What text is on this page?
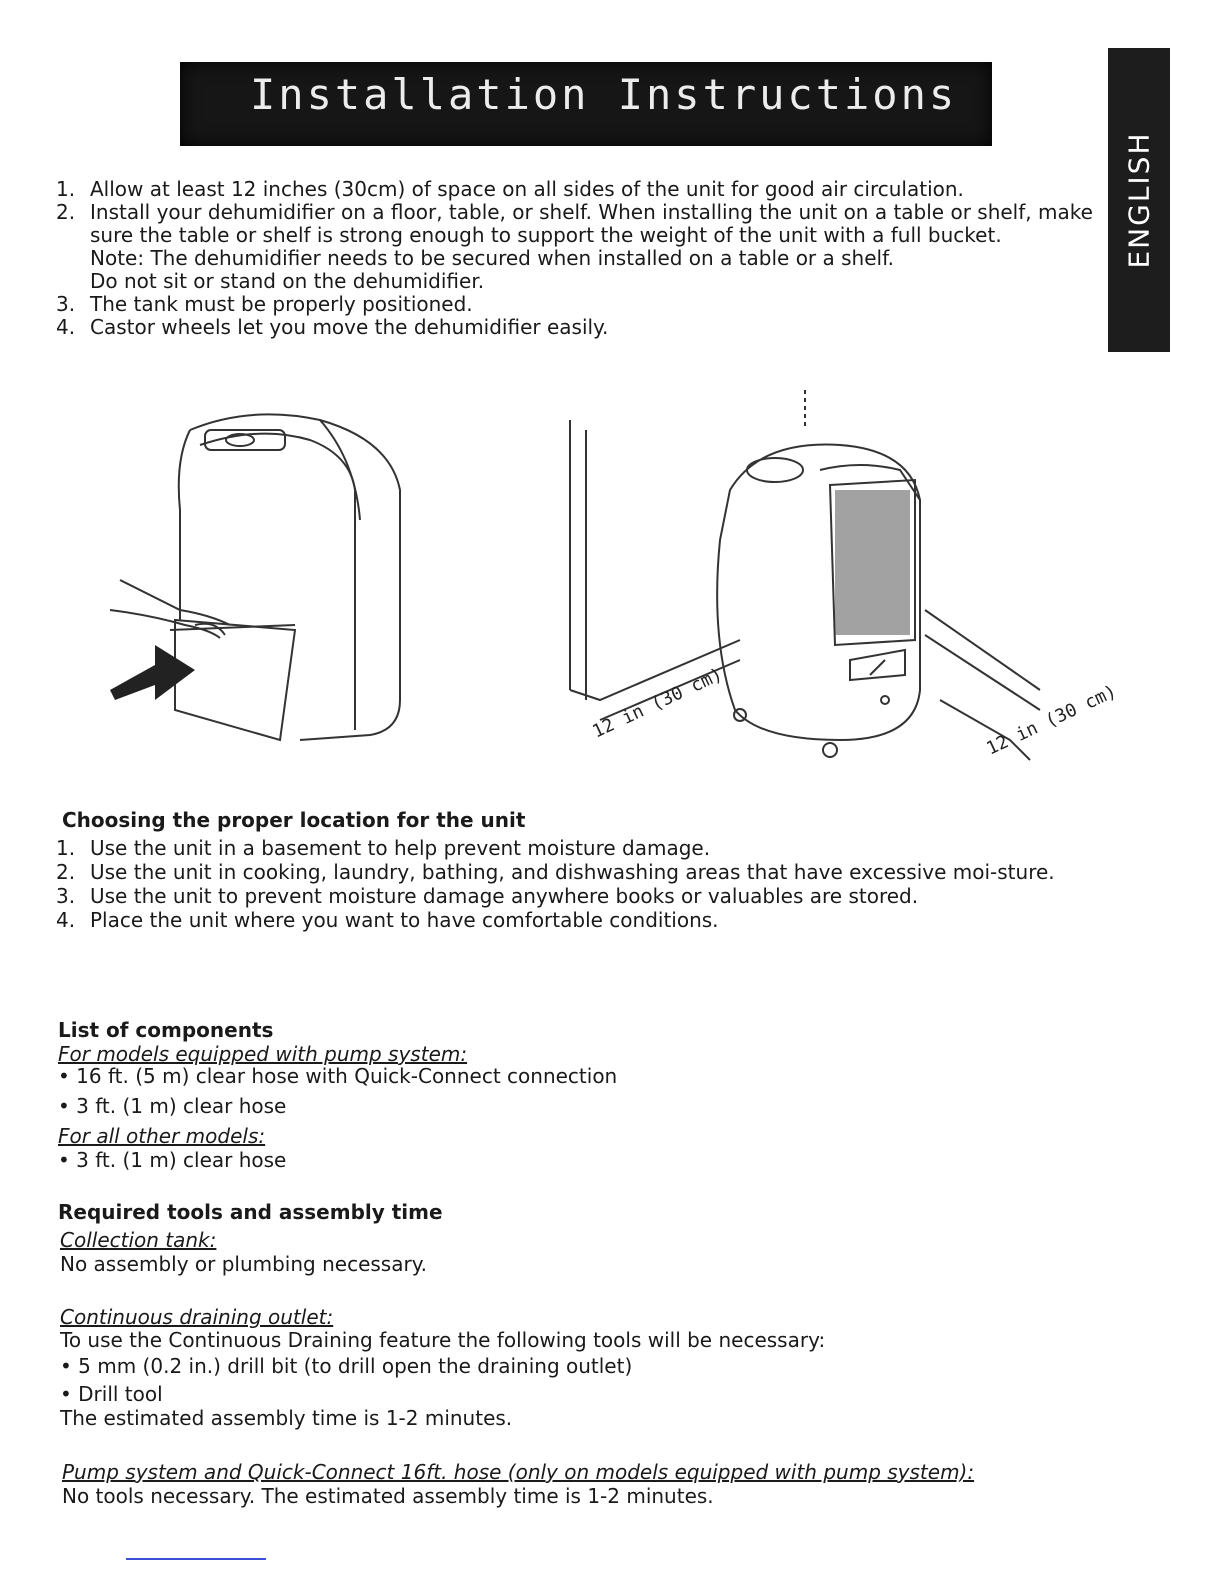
Installation Instructions
ENGLISH
1. Allow at least 12 inches (30cm) of space on all sides of the unit for good air circulation.
2. Install your dehumidifier on a floor, table, or shelf. When installing the unit on a table or shelf, make sure the table or shelf is strong enough to support the weight of the unit with a full bucket.
Note: The dehumidifier needs to be secured when installed on a table or a shelf.
Do not sit or stand on the dehumidifier.
3. The tank must be properly positioned.
4. Castor wheels let you move the dehumidifier easily.
12 in (30 cm)	12 in (30 cm)
Choosing the proper location for the unit
1. Use the unit in a basement to help prevent moisture damage.
2. Use the unit in cooking, laundry, bathing, and dishwashing areas that have excessive moi-sture.
3. Use the unit to prevent moisture damage anywhere books or valuables are stored.
4. Place the unit where you want to have comfortable conditions.
List of components
For models equipped with pump system:
• 16 ft. (5 m) clear hose with Quick-Connect connection
• 3 ft. (1 m) clear hose
For all other models:
• 3 ft. (1 m) clear hose
Required tools and assembly time
Collection tank:
No assembly or plumbing necessary.
Continuous draining outlet:
To use the Continuous Draining feature the following tools will be necessary:
• 5 mm (0.2 in.) drill bit (to drill open the draining outlet)
• Drill tool
The estimated assembly time is 1-2 minutes.
Pump system and Quick-Connect 16ft. hose (only on models equipped with pump system):
No tools necessary. The estimated assembly time is 1-2 minutes.
